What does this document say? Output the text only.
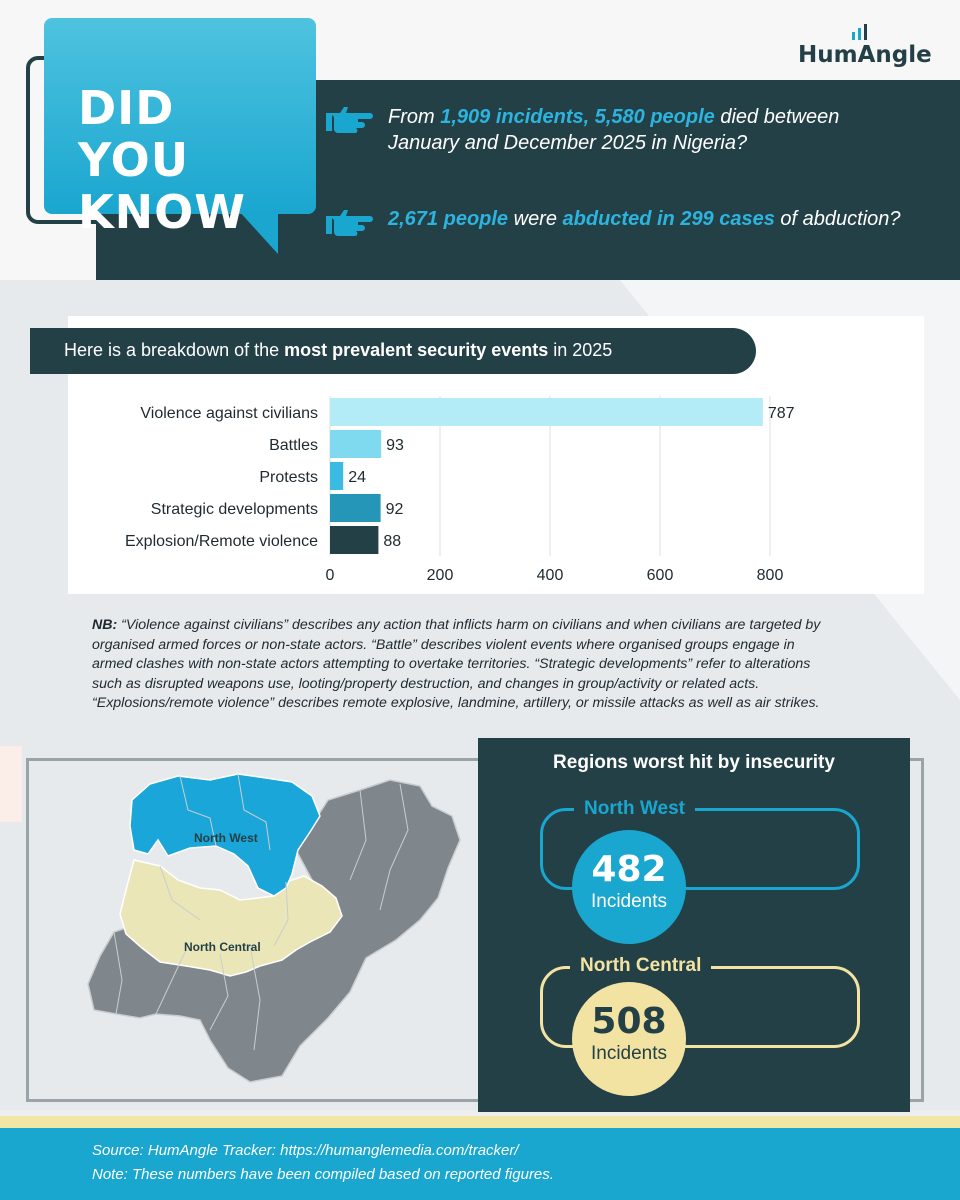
DID YOU KNOW
From 1,909 incidents, 5,580 people died between January and December 2025 in Nigeria?
2,671 people were abducted in 299 cases of abduction?
HumAngle
Here is a breakdown of the most prevalent security events in 2025
Violence against civilians	787
Battles	93
Protests 24
Strategic developments	92
Explosion/Remote violence	88
0	200	400	600	800
NB: “Violence against civilians” describes any action that inflicts harm on civilians and when civilians are targeted by organised armed forces or non-state actors. “Battle” describes violent events where organised groups engage in armed clashes with non-state actors attempting to overtake territories. “Strategic developments” refer to alterations such as disrupted weapons use, looting/property destruction, and changes in group/activity or related acts. “Explosions/remote violence” describes remote explosive, landmine, artillery, or missile attacks as well as air strikes.
North West
North Central
Regions worst hit by insecurity
North West
482
Incidents
North Central
508
Incidents
Source: HumAngle Tracker: https://humanglemedia.com/tracker/
Note: These numbers have been compiled based on reported figures.
